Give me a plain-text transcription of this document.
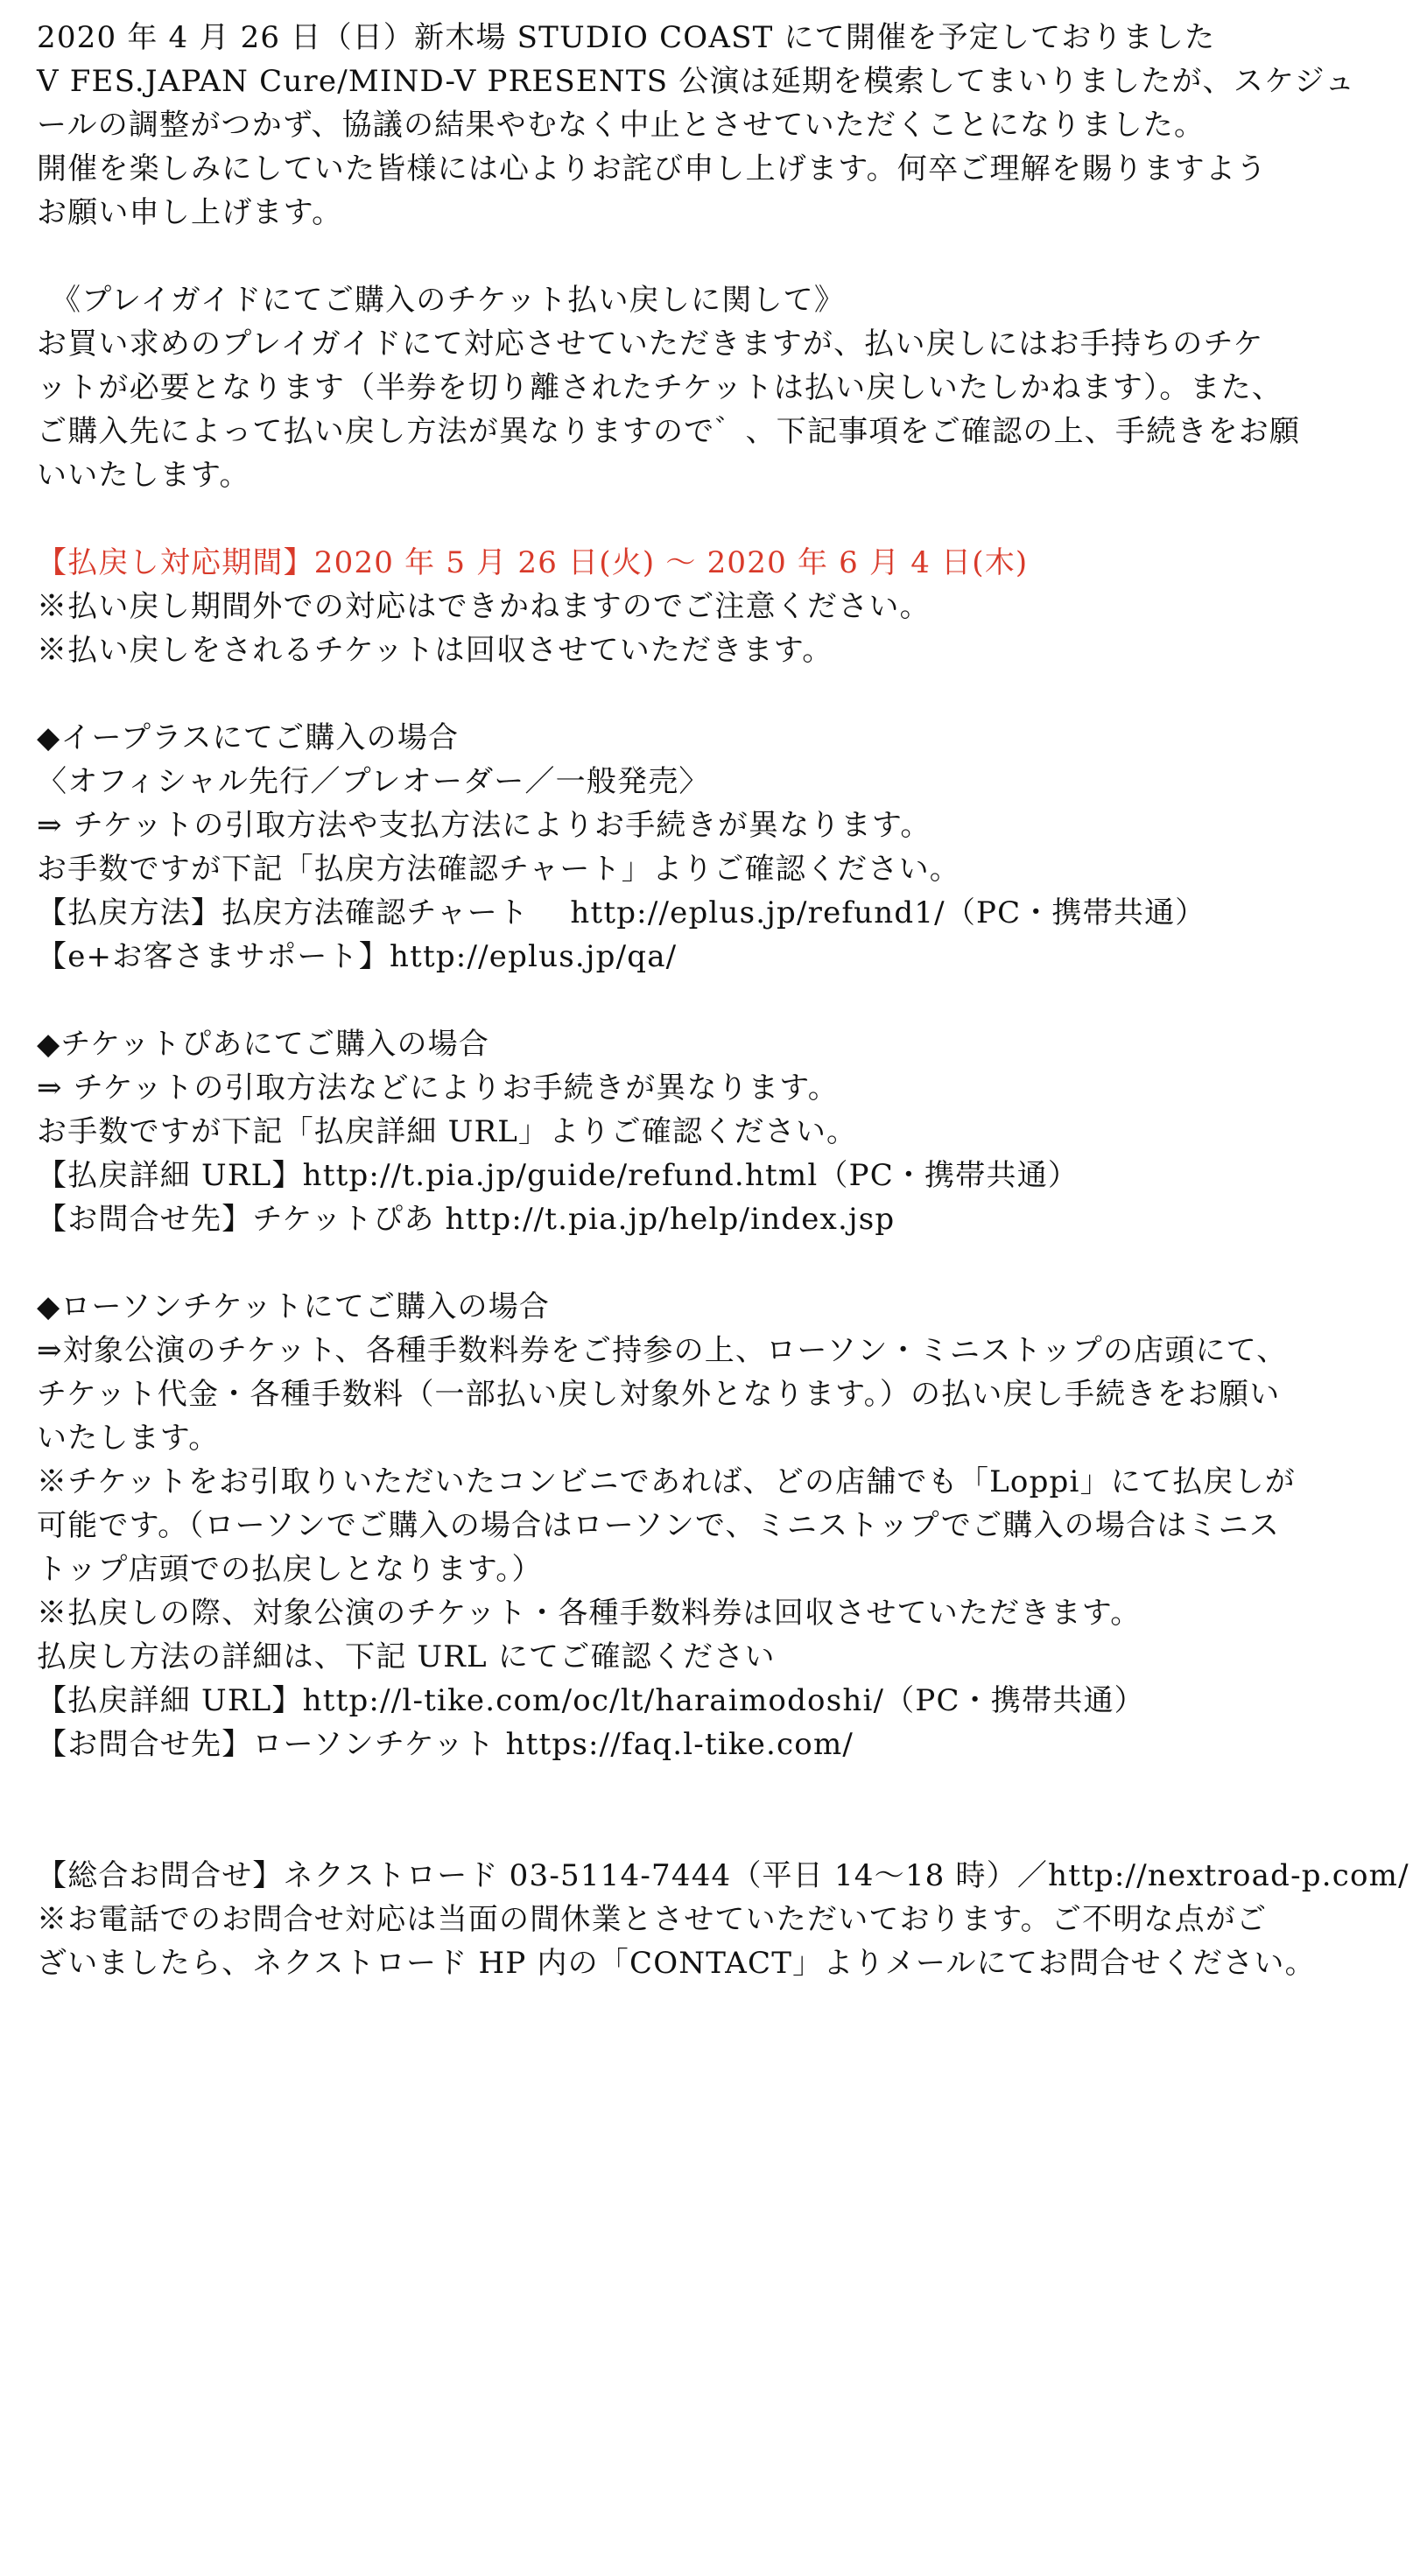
2020 年 4 月 26 日（日）新木場 STUDIO COAST にて開催を予定しておりました
V FES.JAPAN Cure/MIND-V PRESENTS 公演は延期を模索してまいりましたが、スケジュ
ールの調整がつかず、協議の結果やむなく中止とさせていただくことになりました。
開催を楽しみにしていた皆様には心よりお詫び申し上げます。何卒ご理解を賜りますよう
お願い申し上げます。
《プレイガイドにてご購入のチケット払い戻しに関して》
お買い求めのプレイガイドにて対応させていただきますが、払い戻しにはお手持ちのチケ
ットが必要となります（半券を切り離されたチケットは払い戻しいたしかねます）。また、
ご購入先によって払い戻し方法が異なりますので゛、下記事項をご確認の上、手続きをお願
いいたします。
【払戻し対応期間】2020 年 5 月 26 日(火) 〜 2020 年 6 月 4 日(木)
※払い戻し期間外での対応はできかねますのでご注意ください。
※払い戻しをされるチケットは回収させていただきます。
◆イープラスにてご購入の場合
〈オフィシャル先行／プレオーダー／一般発売〉
⇒ チケットの引取方法や支払方法によりお手続きが異なります。
お手数ですが下記「払戻方法確認チャート」よりご確認ください。
【払戻方法】払戻方法確認チャート　 http://eplus.jp/refund1/（PC・携帯共通）
【e+お客さまサポート】http://eplus.jp/qa/
◆チケットぴあにてご購入の場合
⇒ チケットの引取方法などによりお手続きが異なります。
お手数ですが下記「払戻詳細 URL」よりご確認ください。
【払戻詳細 URL】http://t.pia.jp/guide/refund.html（PC・携帯共通）
【お問合せ先】チケットぴあ http://t.pia.jp/help/index.jsp
◆ローソンチケットにてご購入の場合
⇒対象公演のチケット、各種手数料券をご持参の上、ローソン・ミニストップの店頭にて、
チケット代金・各種手数料（一部払い戻し対象外となります。）の払い戻し手続きをお願い
いたします。
※チケットをお引取りいただいたコンビニであれば、どの店舗でも「Loppi」にて払戻しが
可能です。（ローソンでご購入の場合はローソンで、ミニストップでご購入の場合はミニス
トップ店頭での払戻しとなります。）
※払戻しの際、対象公演のチケット・各種手数料券は回収させていただきます。
払戻し方法の詳細は、下記 URL にてご確認ください
【払戻詳細 URL】http://l-tike.com/oc/lt/haraimodoshi/（PC・携帯共通）
【お問合せ先】ローソンチケット https://faq.l-tike.com/
【総合お問合せ】ネクストロード 03-5114-7444（平日 14〜18 時）／http://nextroad-p.com/
※お電話でのお問合せ対応は当面の間休業とさせていただいております。ご不明な点がご
ざいましたら、ネクストロード HP 内の「CONTACT」よりメールにてお問合せください。
